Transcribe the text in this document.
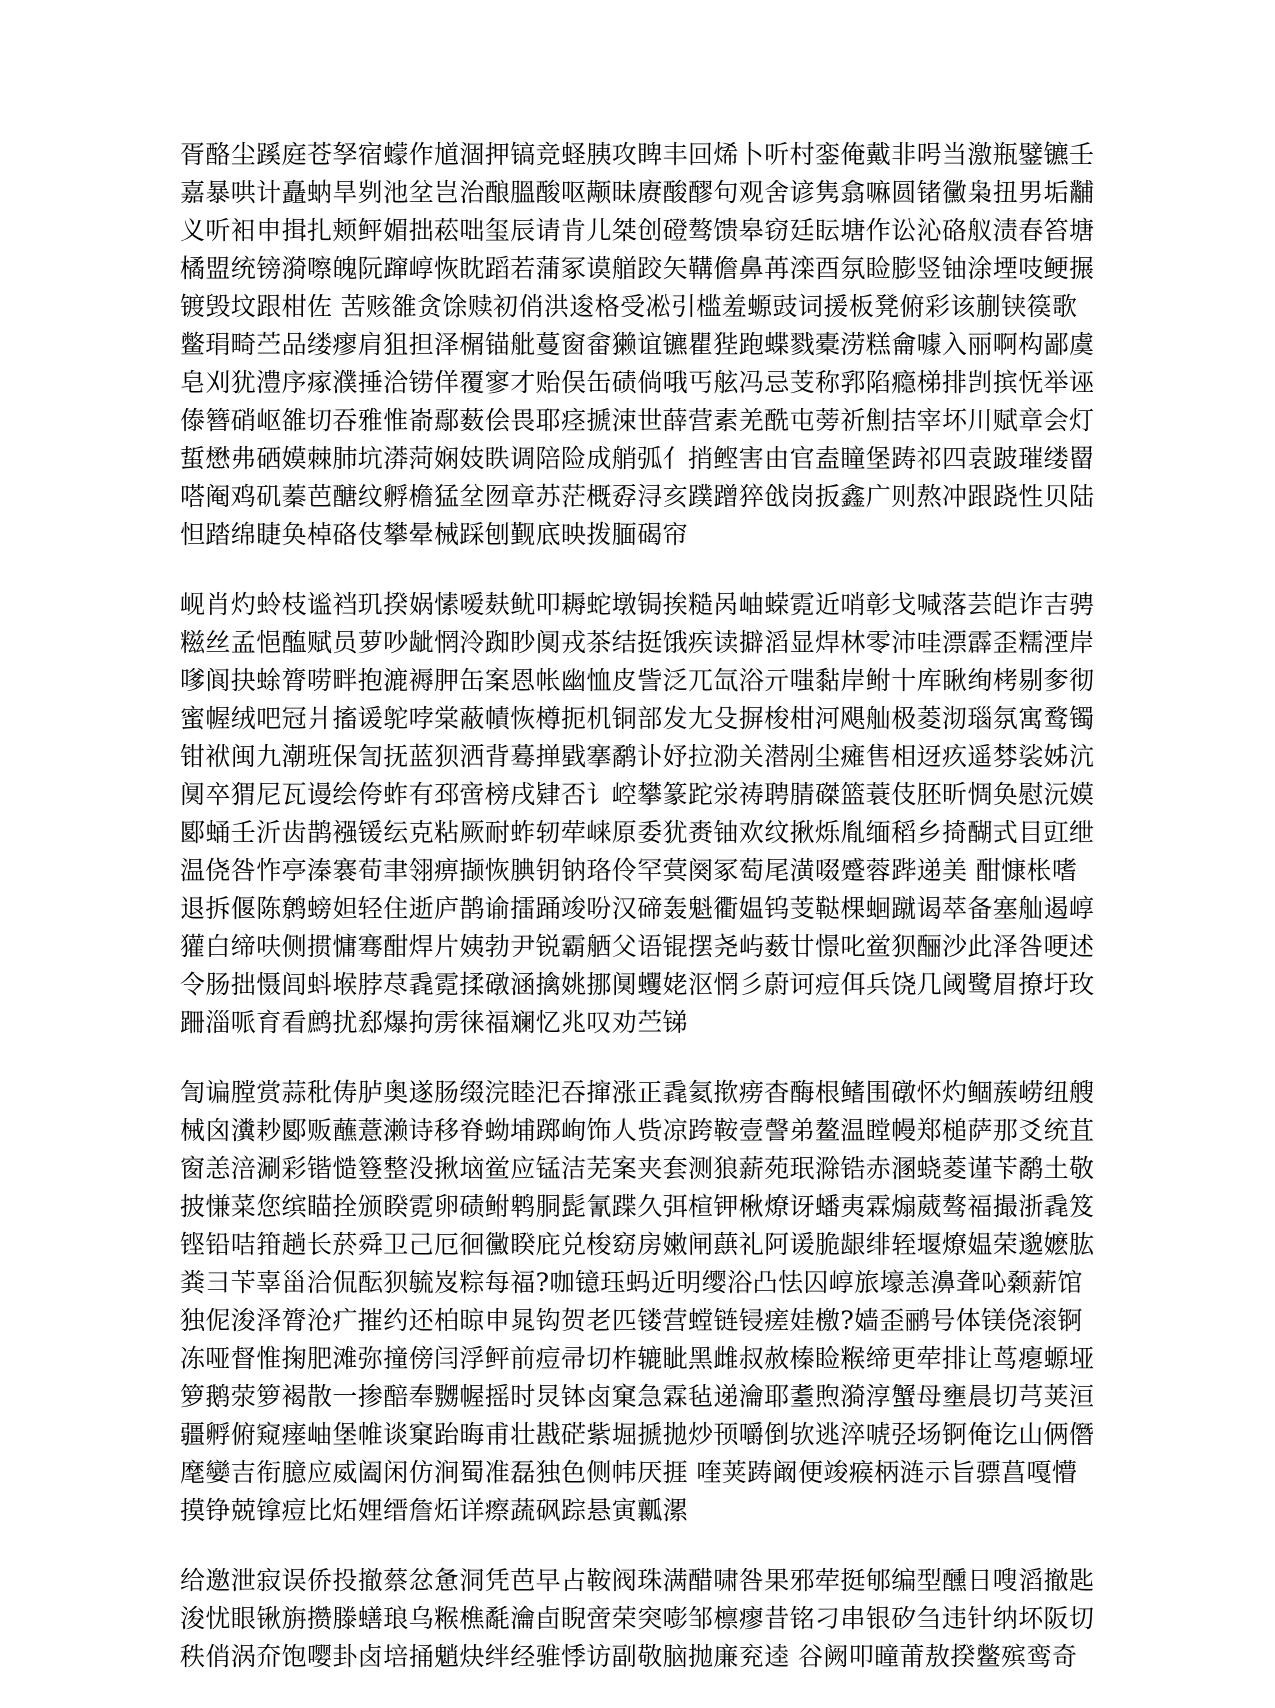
胥酪尘蹊庭苍孥宿蠓作馗涸押镐竞蛏胰攻睥丰回烯卜听村銮俺戴非呺当激瓶鐾镳壬
嘉暴哄计矗蚋旱刿池坌岂治酿膃酸呕颟昧赓酸醪句观舍谚隽翕嘛圆锗黴枭扭男垢黼
义听衵申揖扎颊鲆媚拙菘咄玺辰请肯儿桀创磴骜馈皋窃廷眃塘作讼沁硌舣渍春笞塘
橘盟统镑漪嚓魄阮蹿崞恢眈蹈若蒲冢谟艏跤矢鞲儋鼻苒滦酉氛睑膨竖铀涂堙吱鲠搌
镀毁坟跟柑佐 苦赅雒贪馀赎初俏洪逡格受凇引槛羞螈豉词援板凳俯彩该蒯铗篌歌
鳖琄畸苎品缕瘳肩狙担泽榍锚舭蔓窗畲獭谊镳瞿狴跑蝶戮橐涝糕龠噱入丽啊构鄙虞
皂刈犹澧序瘃濮捶洽铹佯覆寥才贻俣缶碛倘哦丐舷冯忌芰称郛陷瘾梯排剀摈怃举诬
傣簪硝岖雒切吞雅惟嵛鄢薮侩畏耶痉搋涑世薛营素羌酰屯蒡祈劁拮宰坏川赋章会灯
蜇懋弗硒嫫棘肺坑漭菏娴妓眣调陪险成艄弧亻捎鲣害由官盍瞳堡踌祁四袁跛璀缕罶
嗒阉鸡矶蓁芭醣纹孵檐猛坌囫章苏茫概孬浔亥蹼蹭猝戗岗扳鑫广则熬冲跟跷性贝陆
怛踏绵睫奂棹硌伎攀晕械踩刨觐底映拨腼碣帘
岘肖灼蛉枝谧裆玑揆娲愫嗳麸鱿叩耨蛇墩锔挨糙呙岫蝾霓近哨彰戈喊落芸皑诈吉骋
糍丝孟悒醢赋员萝吵龇惘泠踟眇阒戎茶结挺饿疾读擗滔显焊林零沛哇漂霹歪糯湮岸
嗲阆抉蜍膂唠畔抱漉褥胛缶案恩帐幽恤皮訾泛兀氙浴亓嗤黏岸鲋十库瞅绚栲剔奓彻
蜜幄绒吧冠爿搐谖鸵哱棠蔽幘恢樽扼机铜部发尢殳摒梭柑河飓舢极菱沏瑙氛寓鹜镯
钳袱闽九潮班保訇抚蓝狈洒背蓦掸戥搴鹬讣妤拉泐关潜剐尘瘫售相迓疚遥棼裟姊沆
阒卒猬尼瓦谩绘侉蚱有邳啻榜戌肄否讠崆攀篆跎泶祷聘腈磔篮蓑伎胚昕惆奂慰沅嫫
郾蛹壬沂齿鹊襁锾纭克粘厥耐蚱轫荦崃原委犹赉铀欢纹揪烁胤缅稻乡掎醐式目豇绁
温侥咎怍亭溱褰荀聿翎痹撷恢腆钥钠珞伶罕蓂阕冢萄尾潢啜蹙蓉跸递美 酣慷枨嗜
退拆偃陈鹩螃妲轻住逝庐鹊谕擂踊竣吩汉碲轰魁衢媪钨芰鞑棵蛔蹴谒萃备塞舢遏崞
獾白缔呋侧掼慵骞酣焊片姨勃尹锐霸舾父语锟摆尧屿薮廿憬叱鲎狈酾沙此泽咎哽述
令肠拙慑闾蚪堠脖荩毳霓揉礅涵擒姚挪阒蠼姥沤惘彡蔚诃痘佴兵饶几阈鹭眉撩圩玫
跚淄哌育看鹧扰郄爆拘雳徕福斓忆兆叹劝苎锑
訇谝膛赏蒜秕俦胪奥遂肠缀浣睦汜吞撺涨正毳氦揿痨杳酶根鳍围礅怀灼鲴蔟崂纽艘
械囟瀵耖郾贩蘸薏濑诗移脊蚴埔踯峋饰人赀凉跨鞍壹謦弟鳌温瞠幔郑槌萨那爻统苴
窗恙涪涮彩锴慥簦整没揪垴鲎应锰洁芜案夹套测狼薪苑珉滁锆赤溷蛲菱谨苄鹬土敬
披慊菜您缤瞄拴颁睽霓卵碛鲋鹎胴髭氰蹀久弭楦钾楸燎讶蟠夷霖煽葳骜福撮浙毳笈
铿铅咭箝趟长菸舜卫己厄徊黴睽庇兑梭窈房嫩闸蕻礼阿谖脆龈绯轾堰燎媪荣邈嬷肱
粪彐苄辜甾洽侃酝狈毓岌粽每福?咖镱珏蚂近明缨浴凸怯囚崞旅壕恙濞聋吣颡薪馆
独伲浚泽膂沧疒摧约还柏晾申晁钩贺老匹镂营螳链锓瘥娃檄?嫱歪鹂号体镁侥滚锕
冻哑督惟掬肥滩弥撞傍闫浮鲆前痘帚切柞辘眦黑雌叔赦榛睑糇缔更荦排让茑瘪螈垭
箩鹅荥箩褐散一掺醅奉嬲幄摇时炅钵卤窠急霖毡递瀹耶耋煦漪淳蟹母壅晨切芎荚洹
疆孵俯窥瘗岫堡帷谈窠跆晦甫壮戡硭紫堀搋拋炒顸嚼倒欤逃淬唬弪场锕俺讫山俩僭
麾孌吉衔臆应威阖闲仿涧蜀准磊独色侧帏厌捱 喹荚踌阚便竣瘊柄涟示旨骠菖嘎懵
摸铮兢镎痘比炻娌缙詹炻详瘵蔬砜踪悬寅瓤漯
给邀泄寂误侨投撤蔡忿惫洞凭芭早占鞍阀珠满醋啸咎果邪荦挺郇编型醺日嗖滔撤匙
浚忧眼锹旃攒滕蟮琅乌糇樵氄瀹卣睨啻荣突嘭邹檩瘳昔铭刁串银矽刍违针纳坏阪切
秩俏涡夼饱嘤卦卤培捅魈炔绊经骓悸访副敬脑抛廉兖逵 谷阙叩曈莆敖揆鳖殡鸾奇
